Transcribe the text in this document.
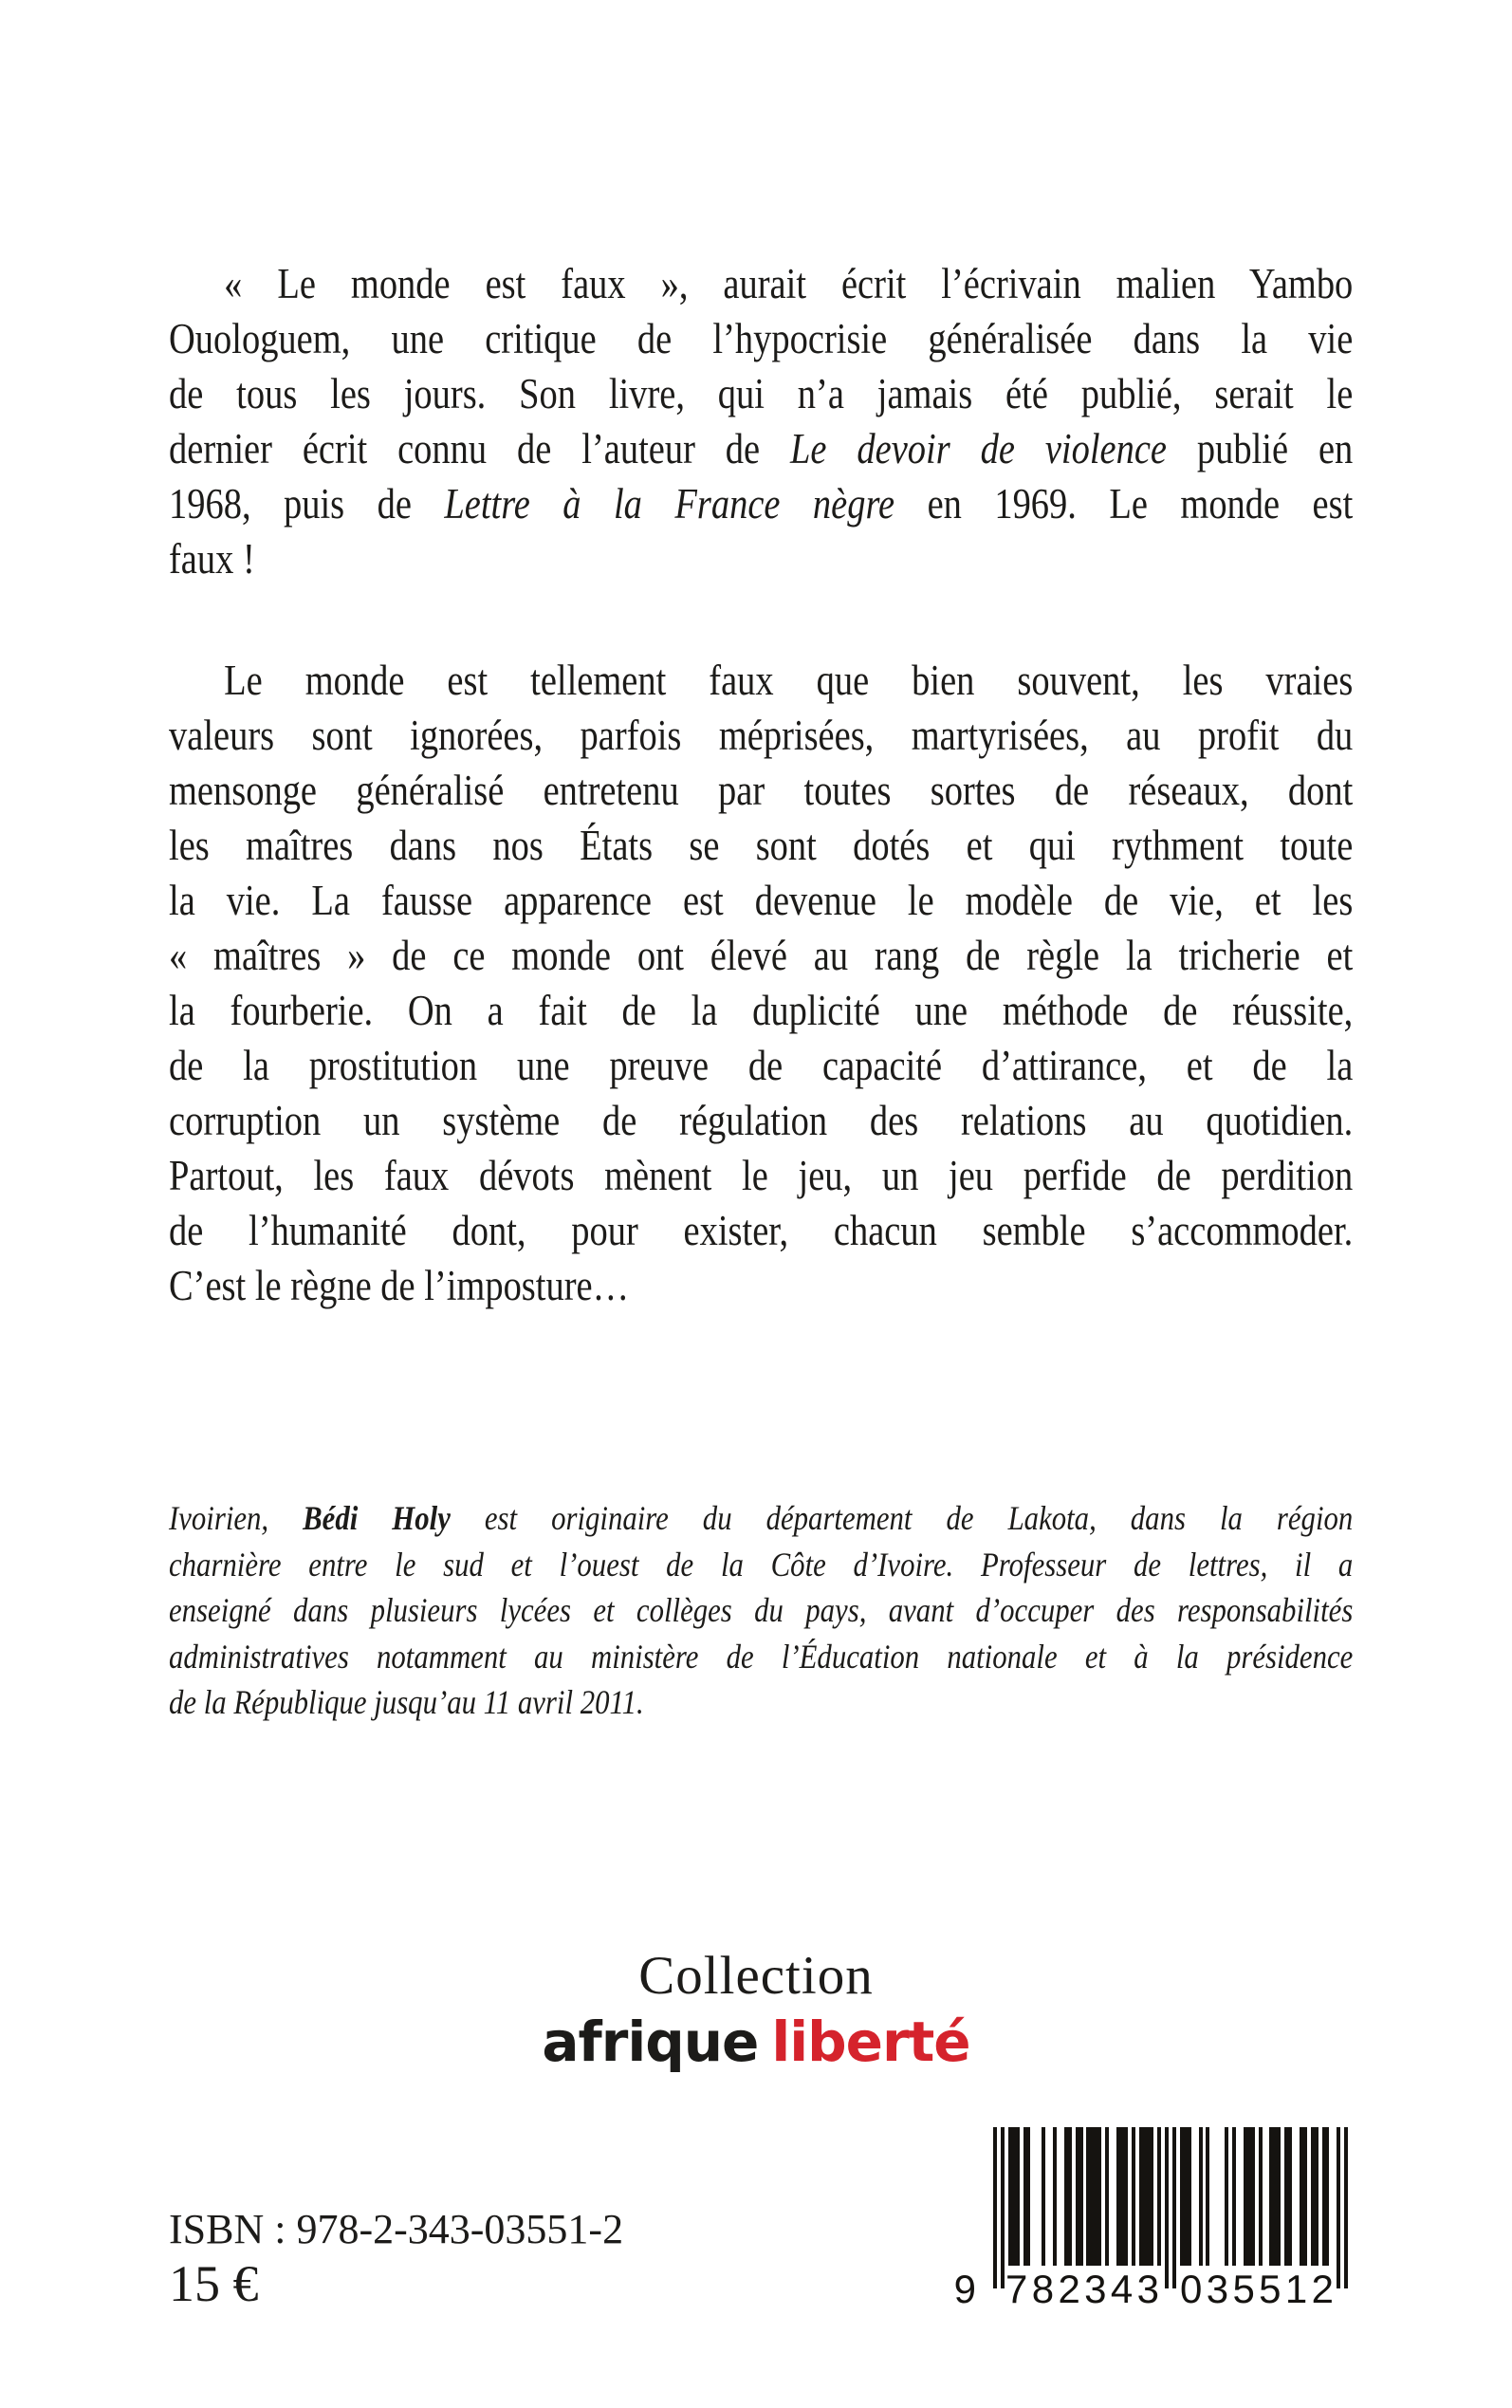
« Le monde est faux », aurait écrit l’écrivain malien Yambo
Ouologuem, une critique de l’hypocrisie généralisée dans la vie
de tous les jours. Son livre, qui n’a jamais été publié, serait le
dernier écrit connu de l’auteur de Le devoir de violence publié en
1968, puis de Lettre à la France nègre en 1969. Le monde est
faux !
Le monde est tellement faux que bien souvent, les vraies
valeurs sont ignorées, parfois méprisées, martyrisées, au profit du
mensonge généralisé entretenu par toutes sortes de réseaux, dont
les maîtres dans nos États se sont dotés et qui rythment toute
la vie. La fausse apparence est devenue le modèle de vie, et les
« maîtres » de ce monde ont élevé au rang de règle la tricherie et
la fourberie. On a fait de la duplicité une méthode de réussite,
de la prostitution une preuve de capacité d’attirance, et de la
corruption un système de régulation des relations au quotidien.
Partout, les faux dévots mènent le jeu, un jeu perfide de perdition
de l’humanité dont, pour exister, chacun semble s’accommoder.
C’est le règne de l’imposture…
Ivoirien, Bédi Holy est originaire du département de Lakota, dans la région
charnière entre le sud et l’ouest de la Côte d’Ivoire. Professeur de lettres, il a
enseigné dans plusieurs lycées et collèges du pays, avant d’occuper des responsabilités
administratives notamment au ministère de l’Éducation nationale et à la présidence
de la République jusqu’au 11 avril 2011.
Collection
afrique liberté
ISBN : 978-2-343-03551-2
15 €	9 7 8 2 3 4 3 0 3 5 5 1 2
